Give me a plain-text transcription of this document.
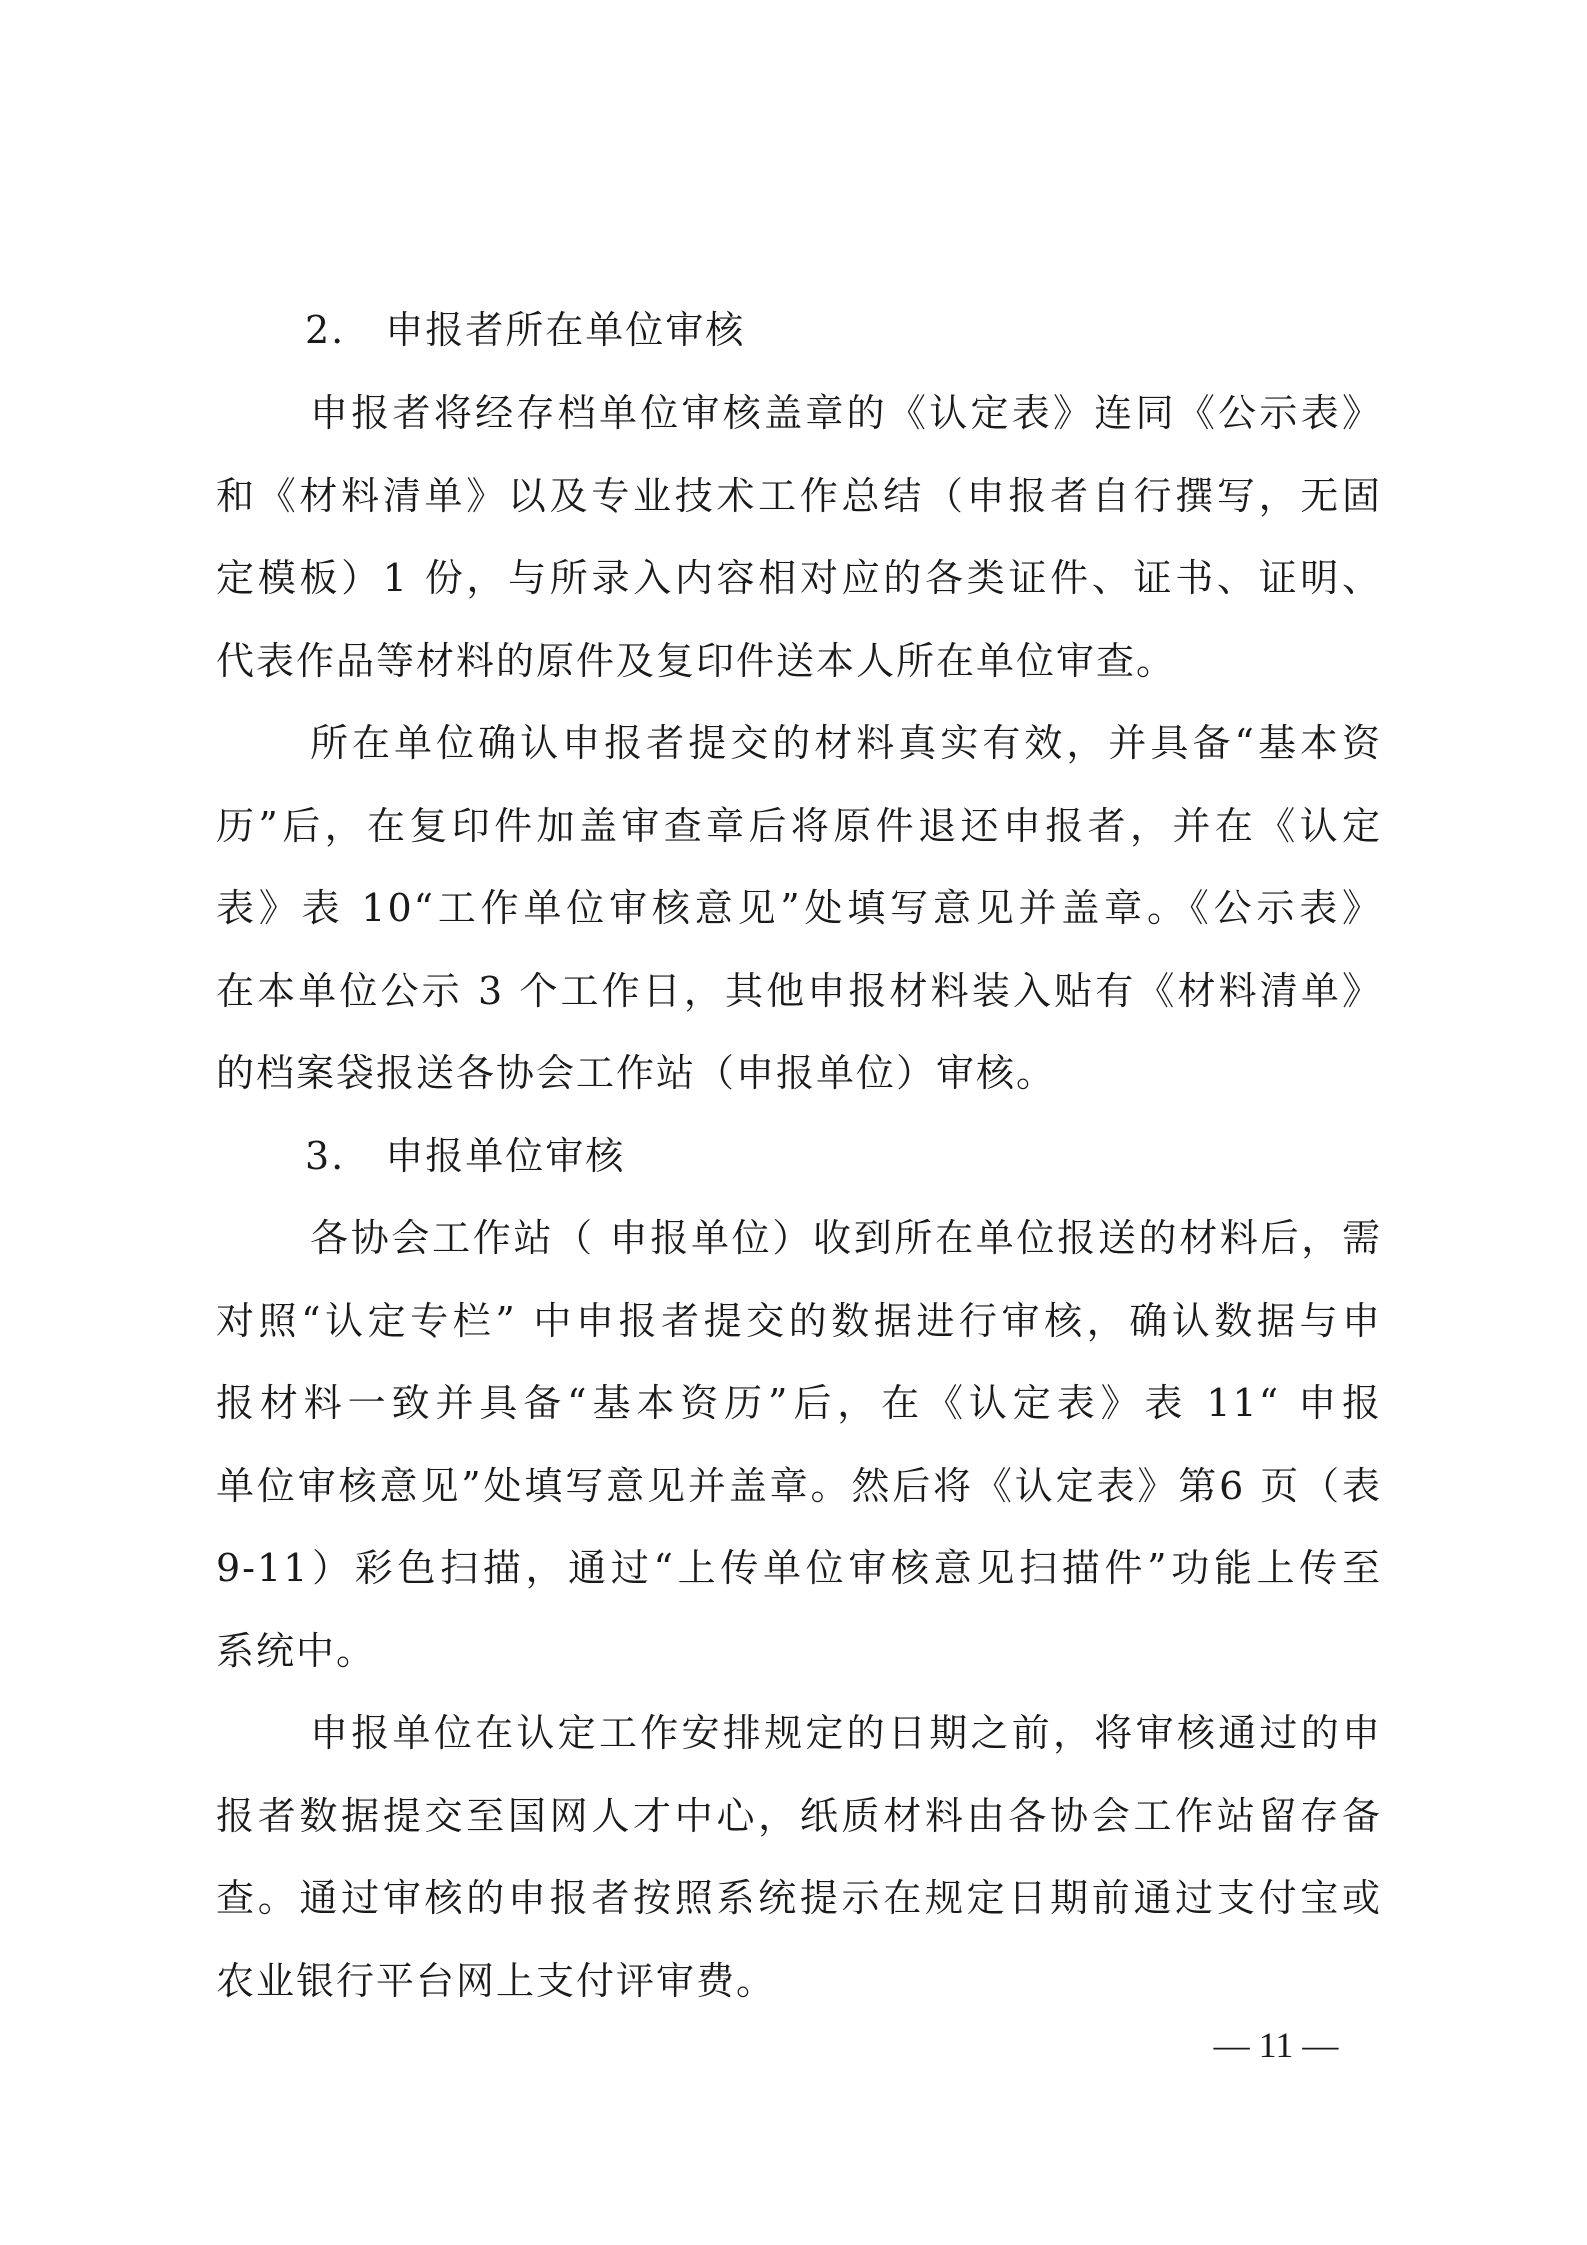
2.　申报者所在单位审核
申报者将经存档单位审核盖章的《认定表》连同《公示表》
和《材料清单》以及专业技术工作总结（申报者自行撰写，无固
定模板）1 份，与所录入内容相对应的各类证件、证书、证明、
代表作品等材料的原件及复印件送本人所在单位审查。
所在单位确认申报者提交的材料真实有效，并具备“基本资
历”后，在复印件加盖审查章后将原件退还申报者，并在《认定
表》表 10“工作单位审核意见”处填写意见并盖章。《公示表》
在本单位公示 3 个工作日，其他申报材料装入贴有《材料清单》
的档案袋报送各协会工作站（申报单位）审核。
3.　申报单位审核
各协会工作站（ 申报单位）收到所在单位报送的材料后，需
对照“认定专栏” 中申报者提交的数据进行审核，确认数据与申
报材料一致并具备“基本资历”后，在《认定表》表 11“ 申报
单位审核意见”处填写意见并盖章。然后将《认定表》第6 页（表
9-11）彩色扫描，通过“上传单位审核意见扫描件”功能上传至
系统中。
申报单位在认定工作安排规定的日期之前，将审核通过的申
报者数据提交至国网人才中心，纸质材料由各协会工作站留存备
查。通过审核的申报者按照系统提示在规定日期前通过支付宝或
农业银行平台网上支付评审费。
— 11 —
